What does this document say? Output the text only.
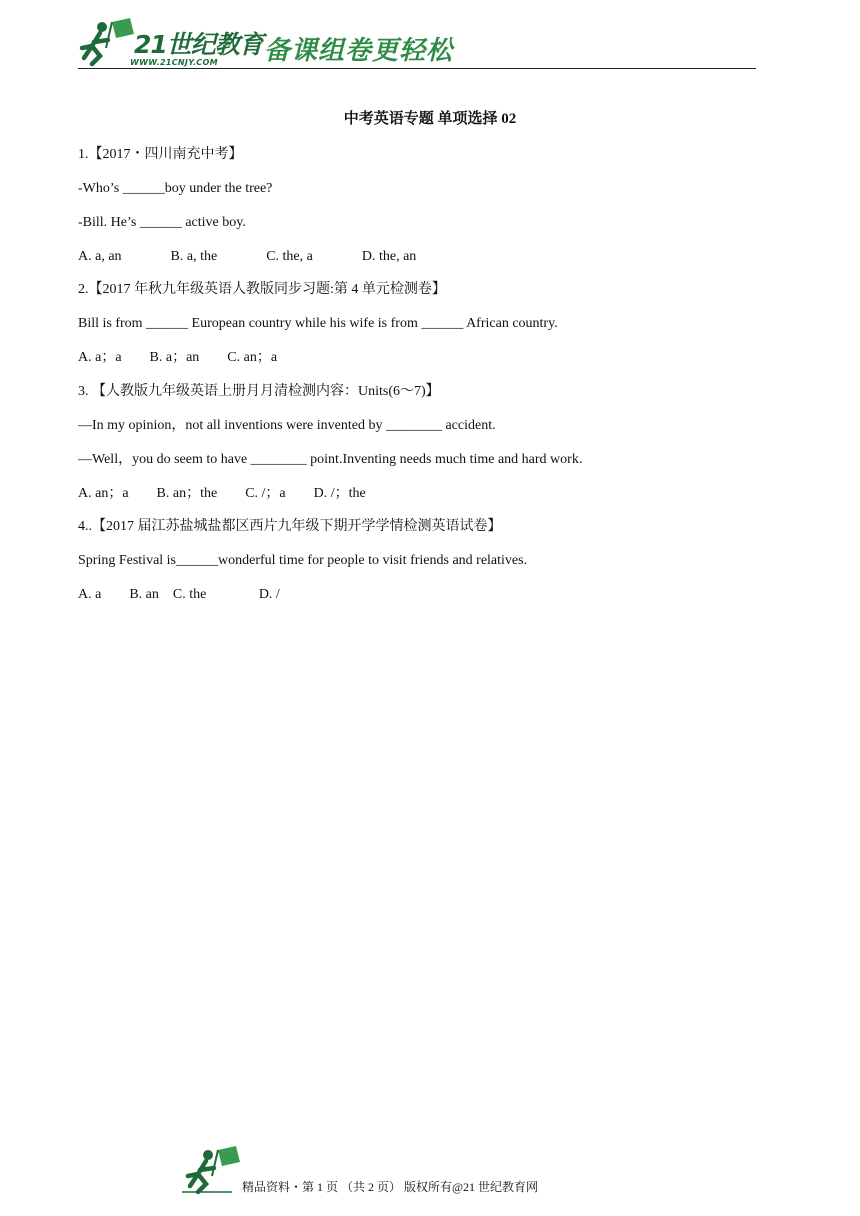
21世纪教育
WWW.21CNJY.COM 备课组卷更轻松
中考英语专题 单项选择 02
1.【2017・四川南充中考】
-Who’s ______boy under the tree?
-Bill. He’s ______ active boy.
A. a, an              B. a, the              C. the, a              D. the, an
2.【2017 年秋九年级英语人教版同步习题:第 4 单元检测卷】
Bill is from ______ European country while his wife is from ______ African country.
A. a；a        B. a；an        C. an；a
3. 【人教版九年级英语上册月月清检测内容：Units(6～7)】
—In my opinion，not all inventions were invented by ________ accident.
—Well，you do seem to have ________ point.Inventing needs much time and hard work.
A. an；a        B. an；the        C. /；a        D. /；the
4..【2017 届江苏盐城盐都区西片九年级下期开学学情检测英语试卷】
Spring Festival is______wonderful time for people to visit friends and relatives.
A. a        B. an    C. the               D. /
精品资料・第 1 页 （共 2 页） 版权所有@21 世纪教育网
